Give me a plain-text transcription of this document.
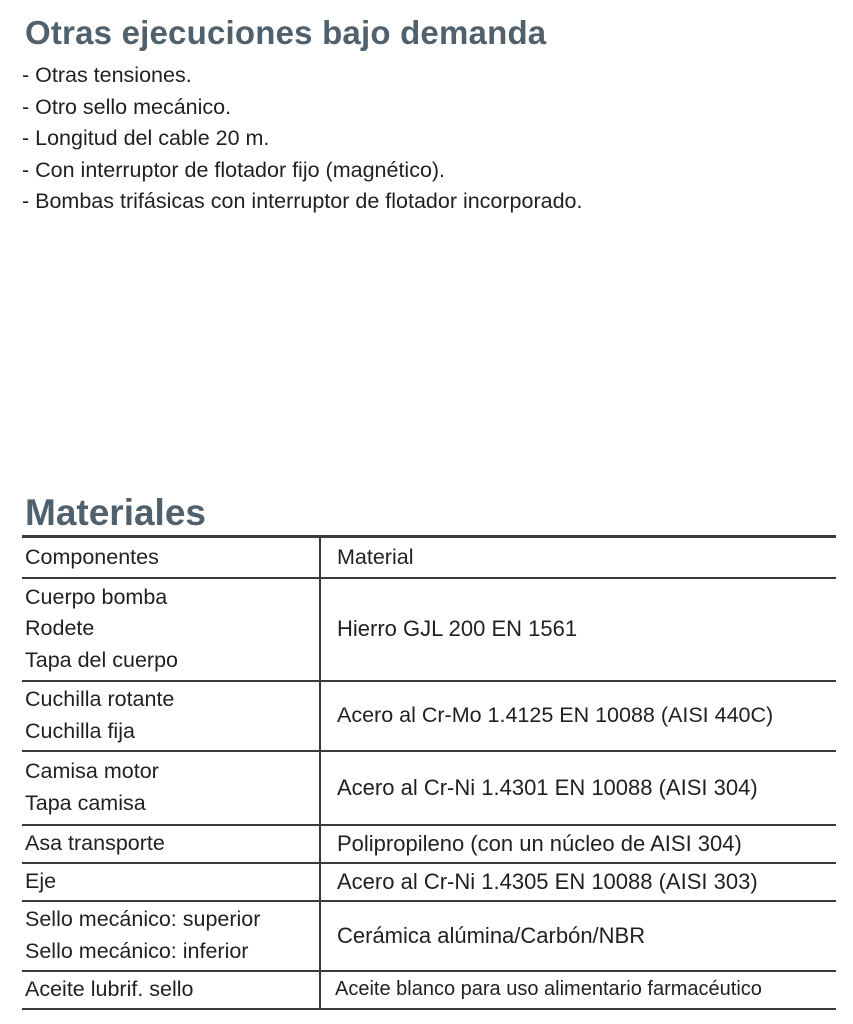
Otras ejecuciones bajo demanda
- Otras tensiones.
- Otro sello mecánico.
- Longitud del cable 20 m.
- Con interruptor de flotador fijo (magnético).
- Bombas trifásicas con interruptor de flotador incorporado.
Materiales
Componentes	Material

Cuerpo bomba
Rodete
Tapa del cuerpo	Hierro GJL 200 EN 1561

Cuchilla rotante
Cuchilla fija	Acero al Cr-Mo 1.4125 EN 10088 (AISI 440C)

Camisa motor
Tapa camisa	Acero al Cr-Ni 1.4301 EN 10088 (AISI 304)

Asa transporte	Polipropileno (con un núcleo de AISI 304)

Eje	Acero al Cr-Ni 1.4305 EN 10088 (AISI 303)

Sello mecánico: superior
Sello mecánico: inferior	Cerámica alúmina/Carbón/NBR

Aceite lubrif. sello	Aceite blanco para uso alimentario farmacéutico
